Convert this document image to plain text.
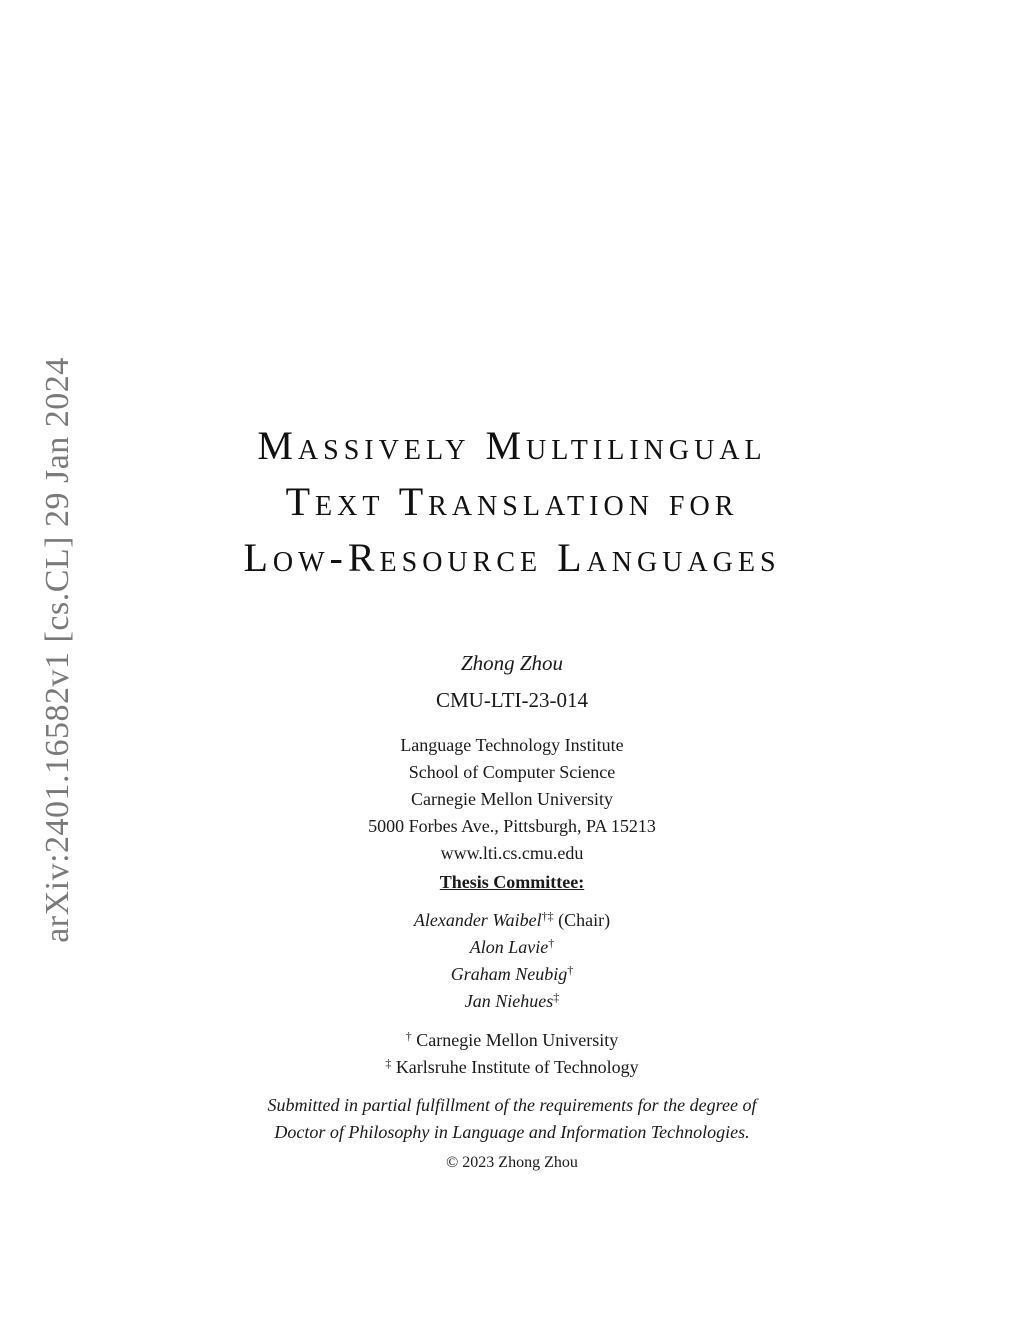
arXiv:2401.16582v1 [cs.CL] 29 Jan 2024	Massively Multilingual
Text Translation for
Low-Resource Languages
Zhong Zhou
CMU-LTI-23-014
Language Technology Institute
School of Computer Science
Carnegie Mellon University
5000 Forbes Ave., Pittsburgh, PA 15213
www.lti.cs.cmu.edu
Thesis Committee:
Alexander Waibel†‡ (Chair)
Alon Lavie†
Graham Neubig†
Jan Niehues‡
† Carnegie Mellon University
‡ Karlsruhe Institute of Technology
Submitted in partial fulfillment of the requirements for the degree of
Doctor of Philosophy in Language and Information Technologies.
© 2023 Zhong Zhou
